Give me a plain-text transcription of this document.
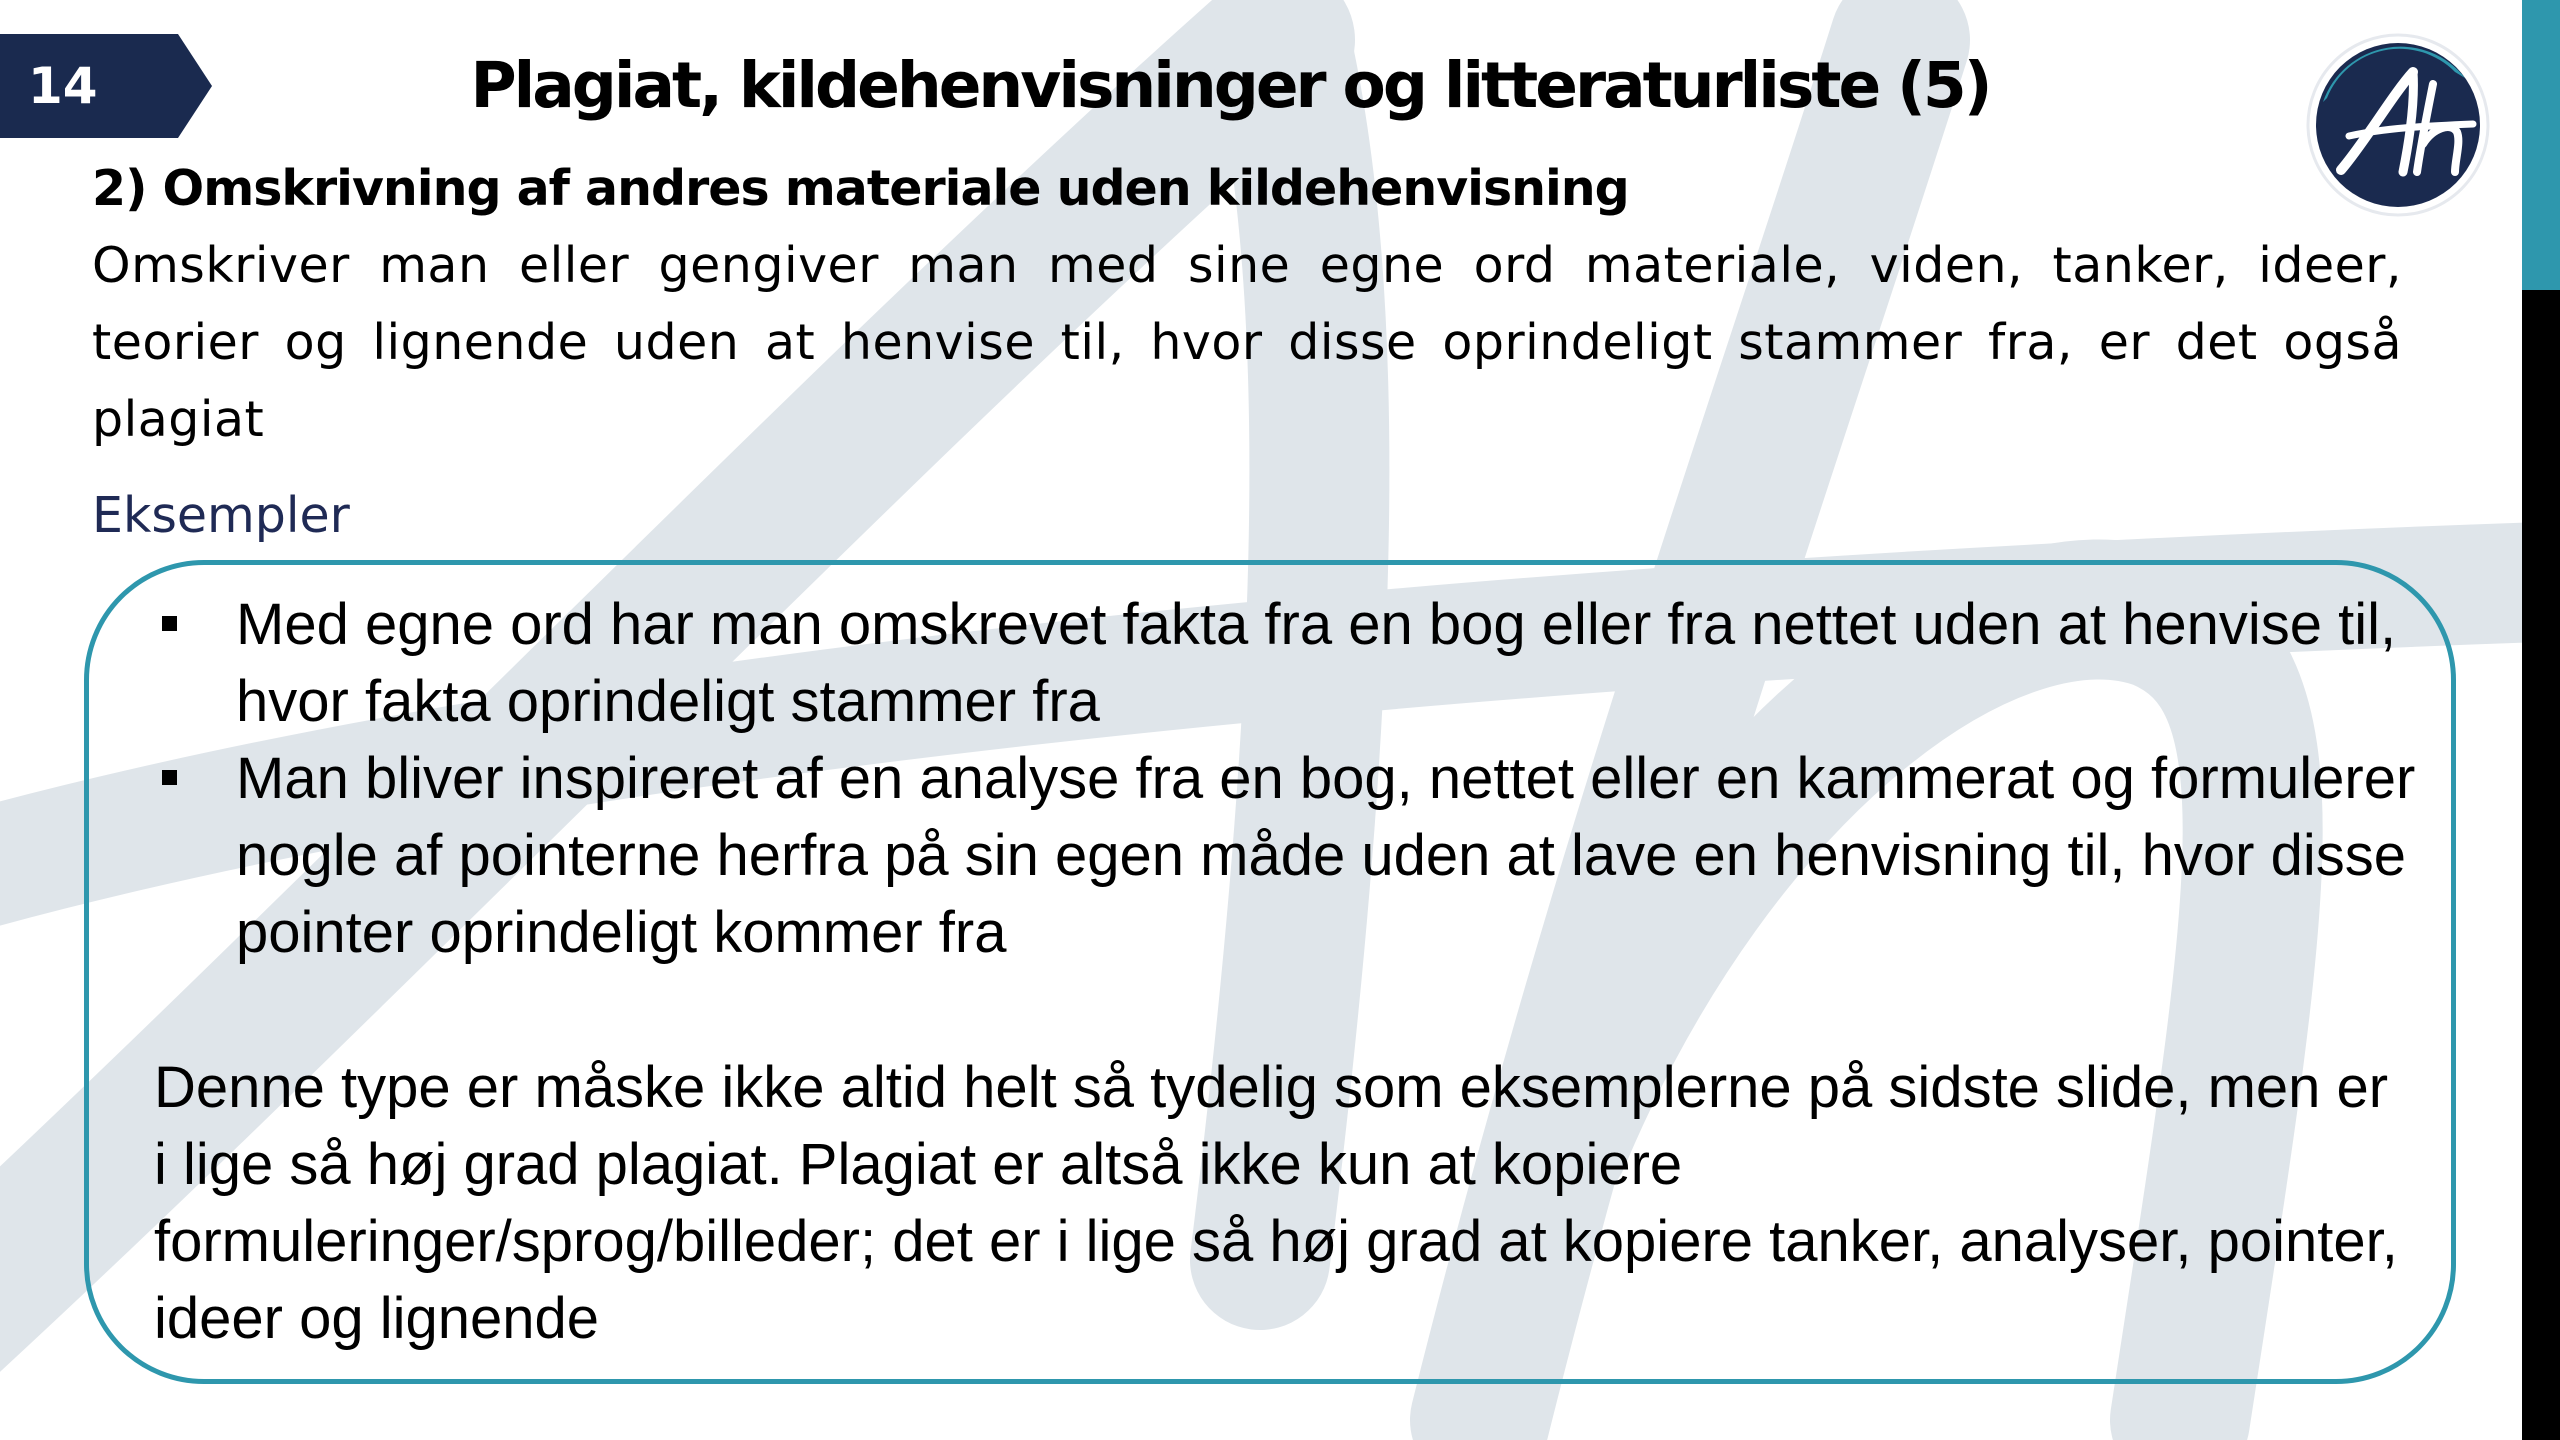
14	Plagiat, kildehenvisninger og litteraturliste (5)
2) Omskrivning af andres materiale uden kildehenvisning
Omskriver man eller gengiver man med sine egne ord materiale, viden, tanker, ideer, teorier og lignende uden at henvise til, hvor disse oprindeligt stammer fra, er det også plagiat
Eksempler
Med egne ord har man omskrevet fakta fra en bog eller fra nettet uden at henvise til, hvor fakta oprindeligt stammer fra
Man bliver inspireret af en analyse fra en bog, nettet eller en kammerat og formulerer nogle af pointerne herfra på sin egen måde uden at lave en henvisning til, hvor disse pointer oprindeligt kommer fra
Denne type er måske ikke altid helt så tydelig som eksemplerne på sidste slide, men er i lige så høj grad plagiat. Plagiat er altså ikke kun at kopiere formuleringer/sprog/billeder; det er i lige så høj grad at kopiere tanker, analyser, pointer, ideer og lignende
